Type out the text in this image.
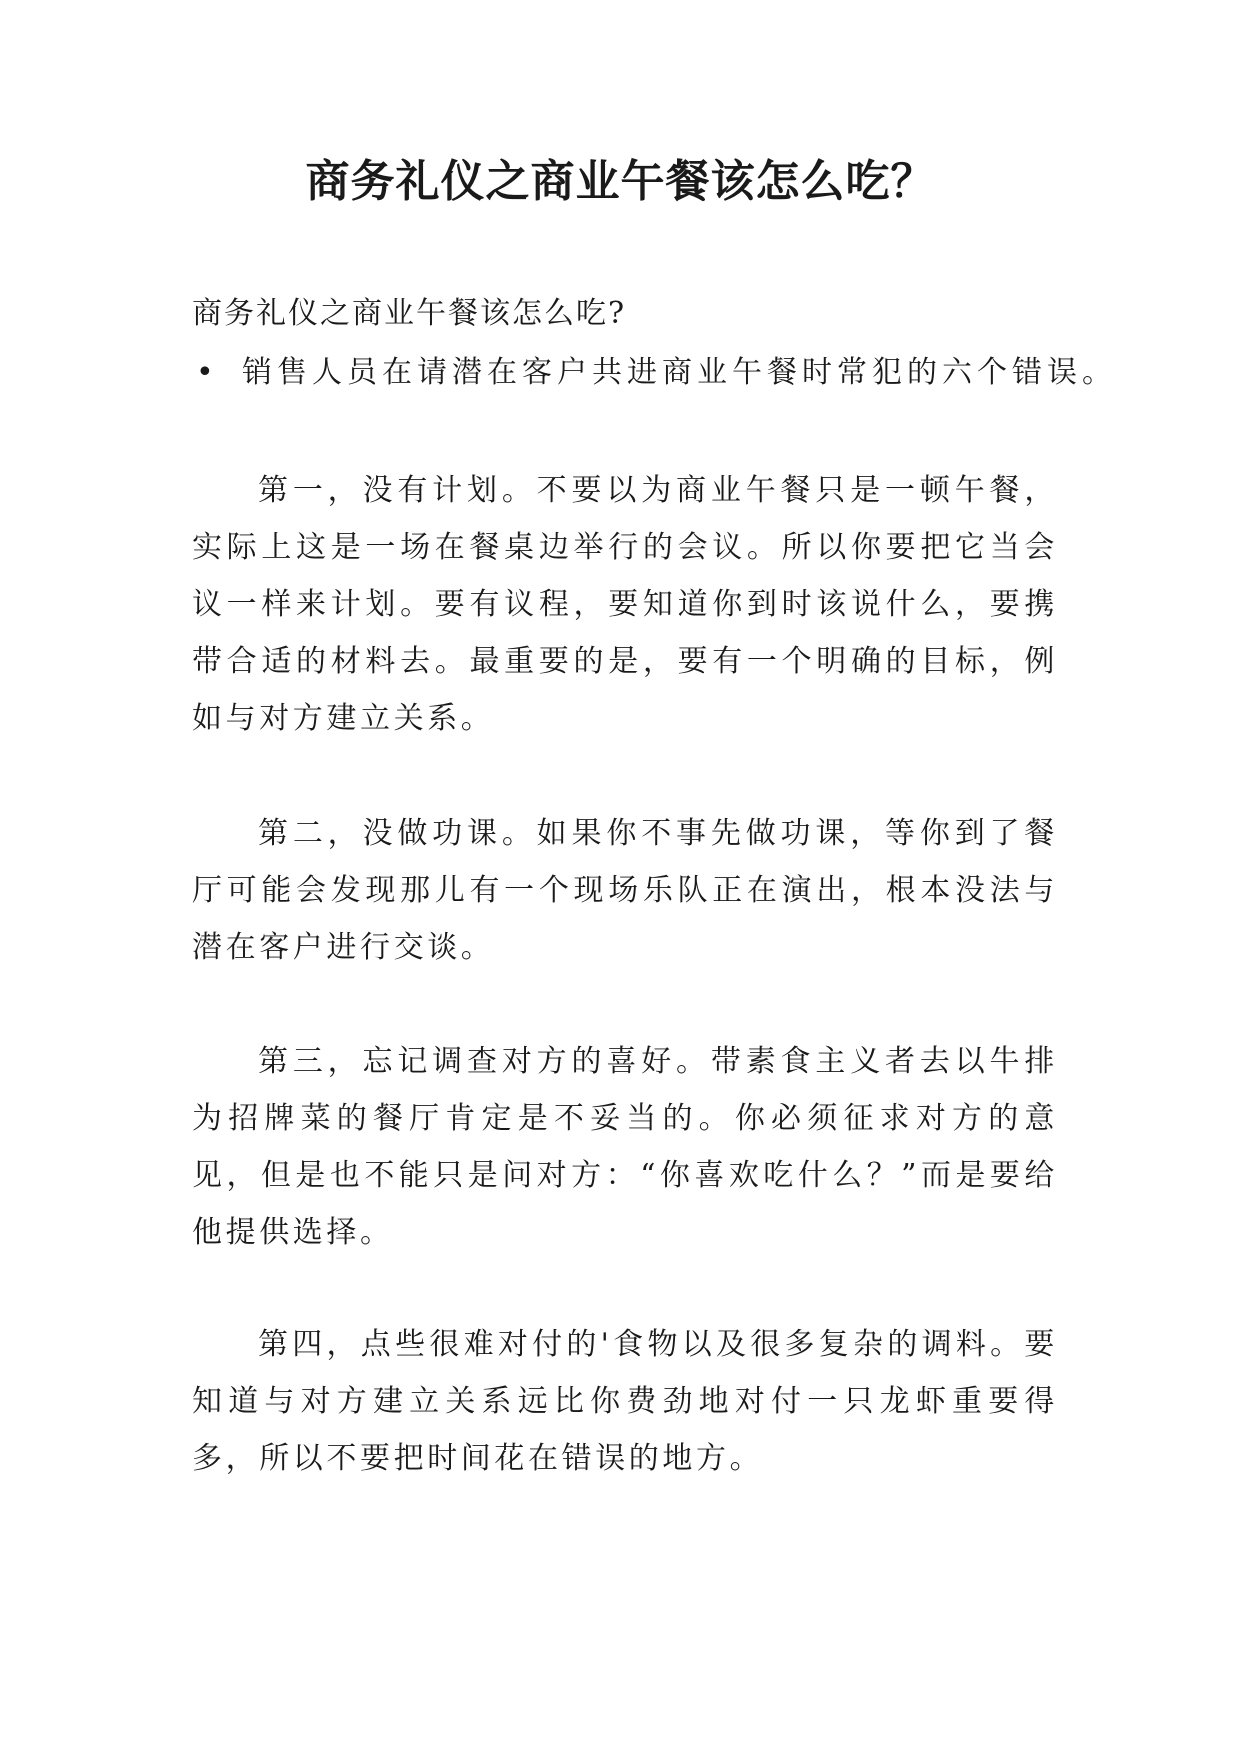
商务礼仪之商业午餐该怎么吃？

商务礼仪之商业午餐该怎么吃?

• 销售人员在请潜在客户共进商业午餐时常犯的六个错误。

第一，没有计划。不要以为商业午餐只是一顿午餐，实际上这是一场在餐桌边举行的会议。所以你要把它当会议一样来计划。要有议程，要知道你到时该说什么，要携带合适的材料去。最重要的是，要有一个明确的目标，例如与对方建立关系。

第二，没做功课。如果你不事先做功课，等你到了餐厅可能会发现那儿有一个现场乐队正在演出，根本没法与潜在客户进行交谈。

第三，忘记调查对方的喜好。带素食主义者去以牛排为招牌菜的餐厅肯定是不妥当的。你必须征求对方的意见，但是也不能只是问对方：“你喜欢吃什么？”而是要给他提供选择。

第四，点些很难对付的'食物以及很多复杂的调料。要知道与对方建立关系远比你费劲地对付一只龙虾重要得多，所以不要把时间花在错误的地方。
